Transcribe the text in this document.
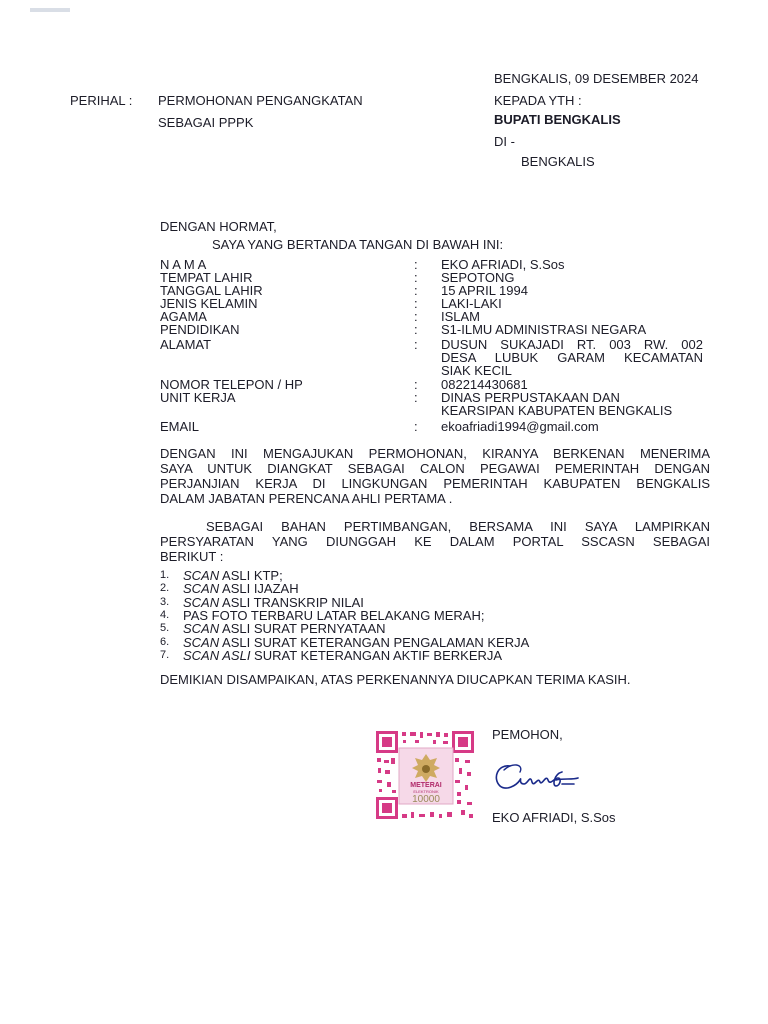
BENGKALIS, 09 DESEMBER 2024
KEPADA YTH :
BUPATI BENGKALIS
DI -
BENGKALIS
PERIHAL : PERMOHONAN PENGANGKATAN
SEBAGAI PPPK
DENGAN HORMAT,
SAYA YANG BERTANDA TANGAN DI BAWAH INI:
N A M A	: EKO AFRIADI, S.Sos
TEMPAT LAHIR	: SEPOTONG
TANGGAL LAHIR	: 15 APRIL 1994
JENIS KELAMIN	: LAKI-LAKI
AGAMA	: ISLAM
PENDIDIKAN	: S1-ILMU ADMINISTRASI NEGARA
ALAMAT	: DUSUN SUKAJADI RT. 003 RW. 002
DESA LUBUK GARAM KECAMATAN
SIAK KECIL
NOMOR TELEPON / HP	: 082214430681
UNIT KERJA	: DINAS PERPUSTAKAAN DAN
KEARSIPAN KABUPATEN BENGKALIS
EMAIL	: ekoafriadi1994@gmail.com
DENGAN INI MENGAJUKAN PERMOHONAN, KIRANYA BERKENAN MENERIMA
SAYA UNTUK DIANGKAT SEBAGAI CALON PEGAWAI PEMERINTAH DENGAN
PERJANJIAN KERJA DI LINGKUNGAN PEMERINTAH KABUPATEN BENGKALIS
DALAM JABATAN PERENCANA AHLI PERTAMA .
SEBAGAI BAHAN PERTIMBANGAN, BERSAMA INI SAYA LAMPIRKAN
PERSYARATAN YANG DIUNGGAH KE DALAM PORTAL SSCASN SEBAGAI
BERIKUT :
1.	SCAN ASLI KTP;
2.	SCAN ASLI IJAZAH
3.	SCAN ASLI TRANSKRIP NILAI
4.	PAS FOTO TERBARU LATAR BELAKANG MERAH;
5.	SCAN ASLI SURAT PERNYATAAN
6.	SCAN ASLI SURAT KETERANGAN PENGALAMAN KERJA
7.	SCAN ASLI SURAT KETERANGAN AKTIF BERKERJA
DEMIKIAN DISAMPAIKAN, ATAS PERKENANNYA DIUCAPKAN TERIMA KASIH.
METERAI
ELEKTRONIK
10000
PEMOHON,
EKO AFRIADI, S.Sos
